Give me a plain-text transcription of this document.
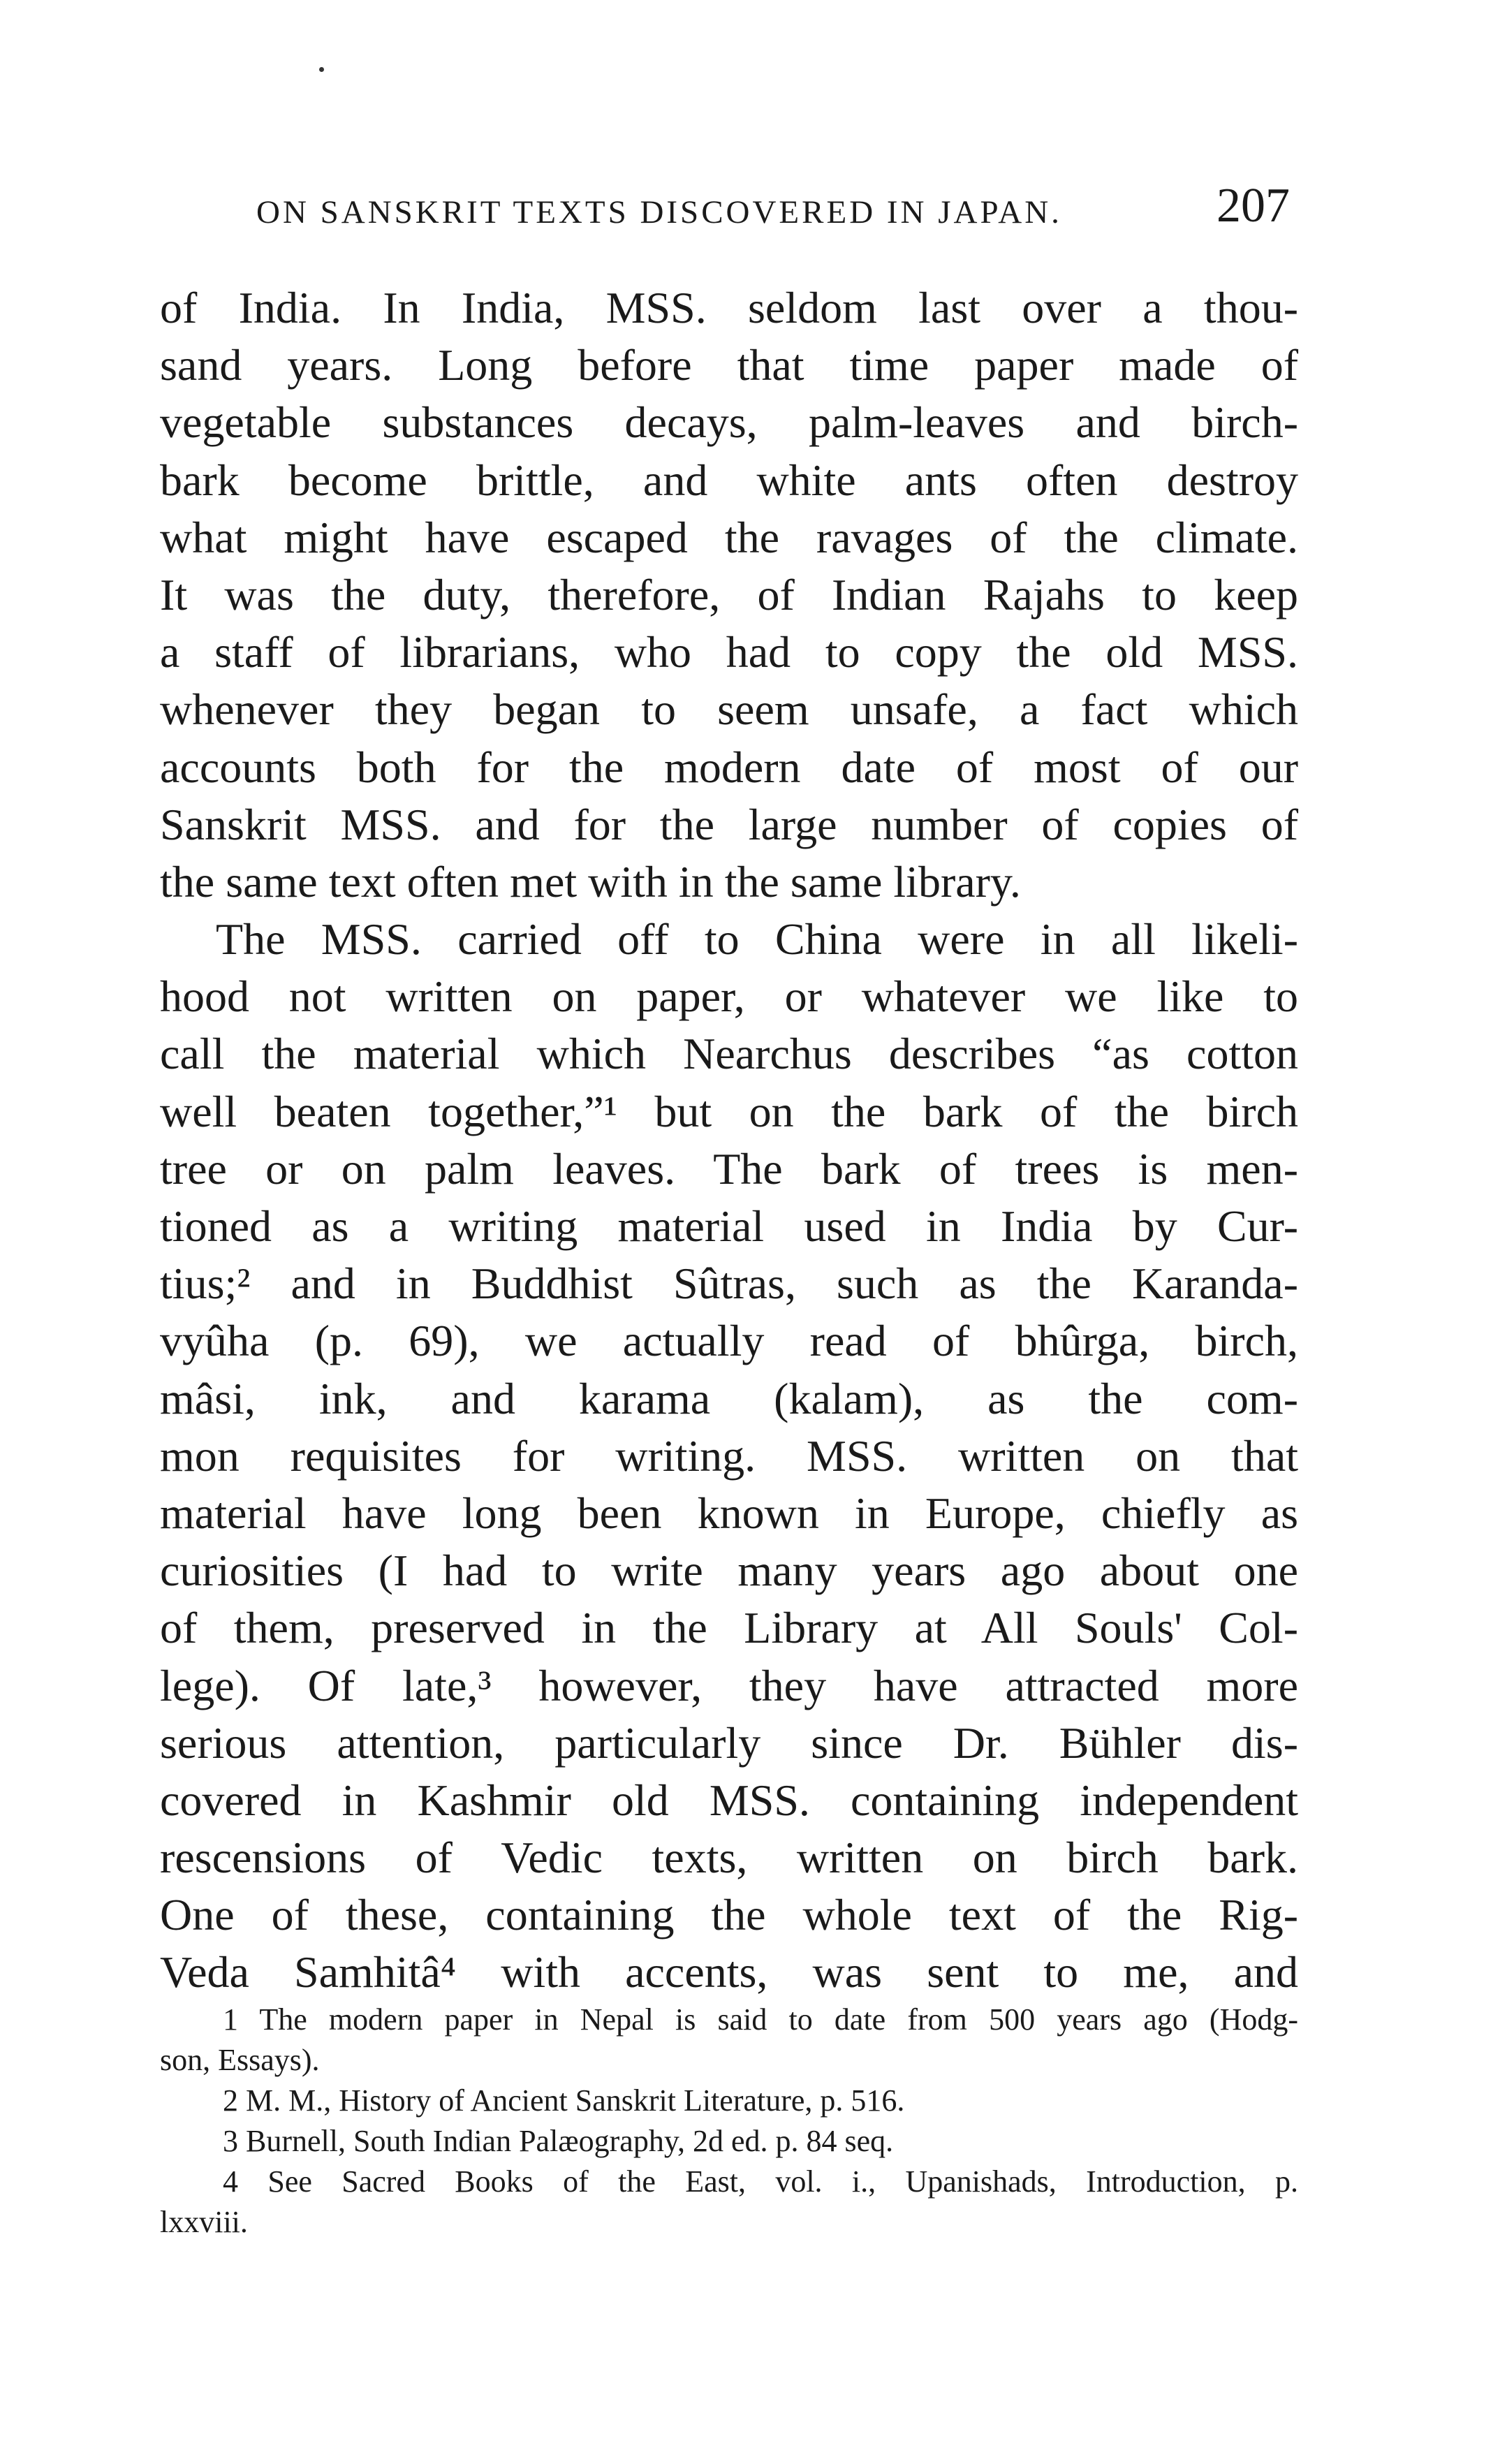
ON SANSKRIT TEXTS DISCOVERED IN JAPAN.	207
of India. In India, MSS. seldom last over a thou-
sand years. Long before that time paper made of
vegetable substances decays, palm-leaves and birch-
bark become brittle, and white ants often destroy
what might have escaped the ravages of the climate.
It was the duty, therefore, of Indian Rajahs to keep
a staff of librarians, who had to copy the old MSS.
whenever they began to seem unsafe, a fact which
accounts both for the modern date of most of our
Sanskrit MSS. and for the large number of copies of
the same text often met with in the same library.
The MSS. carried off to China were in all likeli-
hood not written on paper, or whatever we like to
call the material which Nearchus describes “as cotton
well beaten together,”¹ but on the bark of the birch
tree or on palm leaves. The bark of trees is men-
tioned as a writing material used in India by Cur-
tius;² and in Buddhist Sûtras, such as the Karanda-
vyûha (p. 69), we actually read of bhûrga, birch,
mâsi, ink, and karama (kalam), as the com-
mon requisites for writing. MSS. written on that
material have long been known in Europe, chiefly as
curiosities (I had to write many years ago about one
of them, preserved in the Library at All Souls' Col-
lege). Of late,³ however, they have attracted more
serious attention, particularly since Dr. Bühler dis-
covered in Kashmir old MSS. containing independent
rescensions of Vedic texts, written on birch bark.
One of these, containing the whole text of the Rig-
Veda Samhitâ⁴ with accents, was sent to me, and
1 The modern paper in Nepal is said to date from 500 years ago (Hodg-
son, Essays).
2 M. M., History of Ancient Sanskrit Literature, p. 516.
3 Burnell, South Indian Palæography, 2d ed. p. 84 seq.
4 See Sacred Books of the East, vol. i., Upanishads, Introduction, p.
lxxviii.
